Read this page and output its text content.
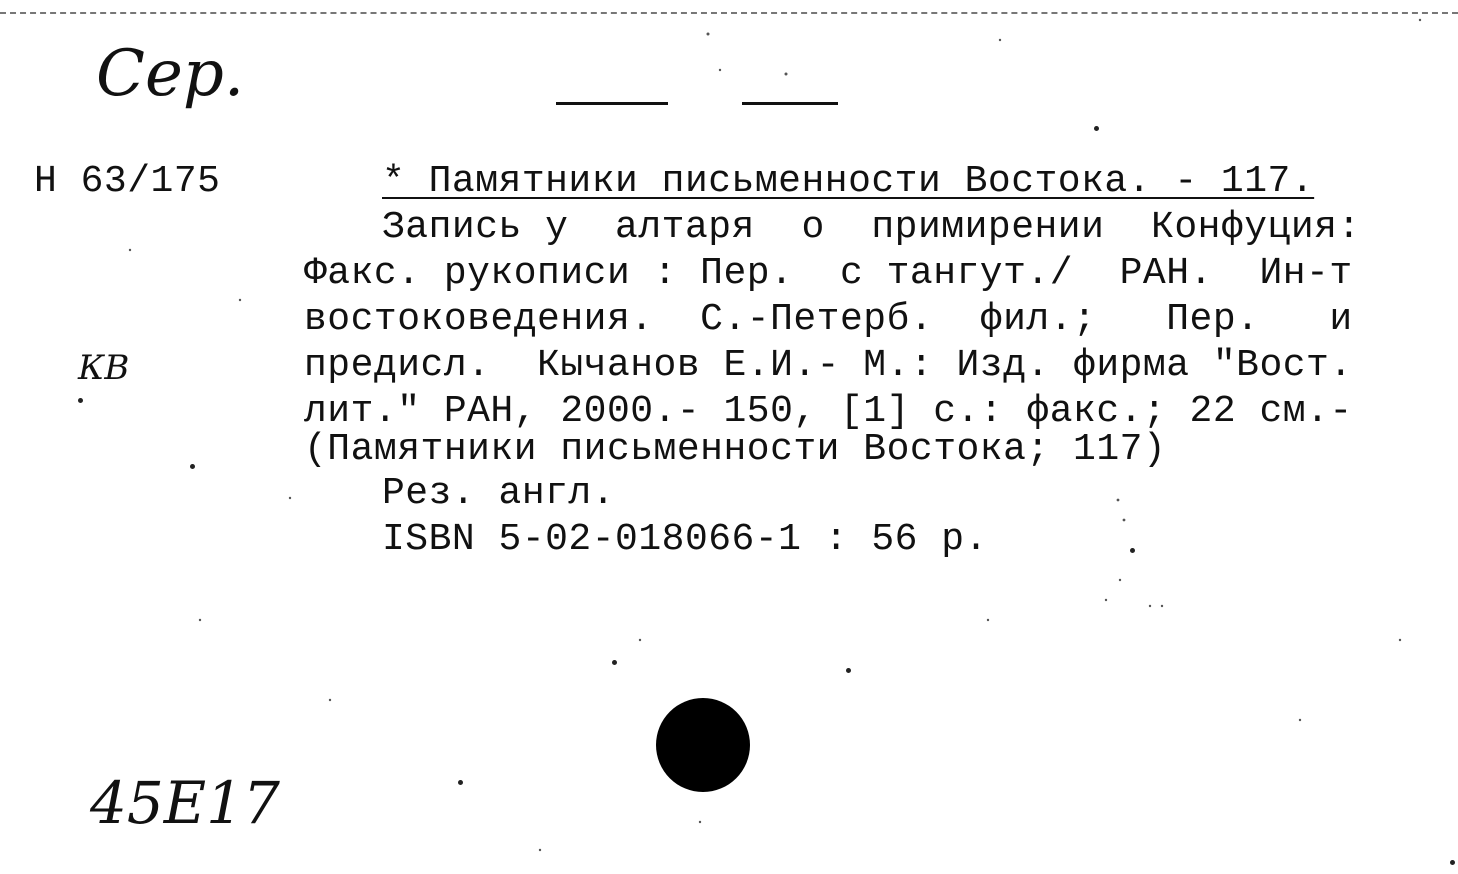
Сер.
Н 63/175	* Памятники письменности Востока. - 117.
Запись у  алтаря  о  примирении  Конфуция:
Факс. рукописи : Пер.  с тангут./  РАН.  Ин-т
востоковедения.  С.-Петерб.  фил.;   Пер.   и
предисл.  Кычанов Е.И.- М.: Изд. фирма "Вост.
лит." РАН, 2000.- 150, [1] с.: факс.; 22 см.-
(Памятники письменности Востока; 117)
Рез. англ.
ISBN 5-02-018066-1 : 56 р.
КВ
45Е17
